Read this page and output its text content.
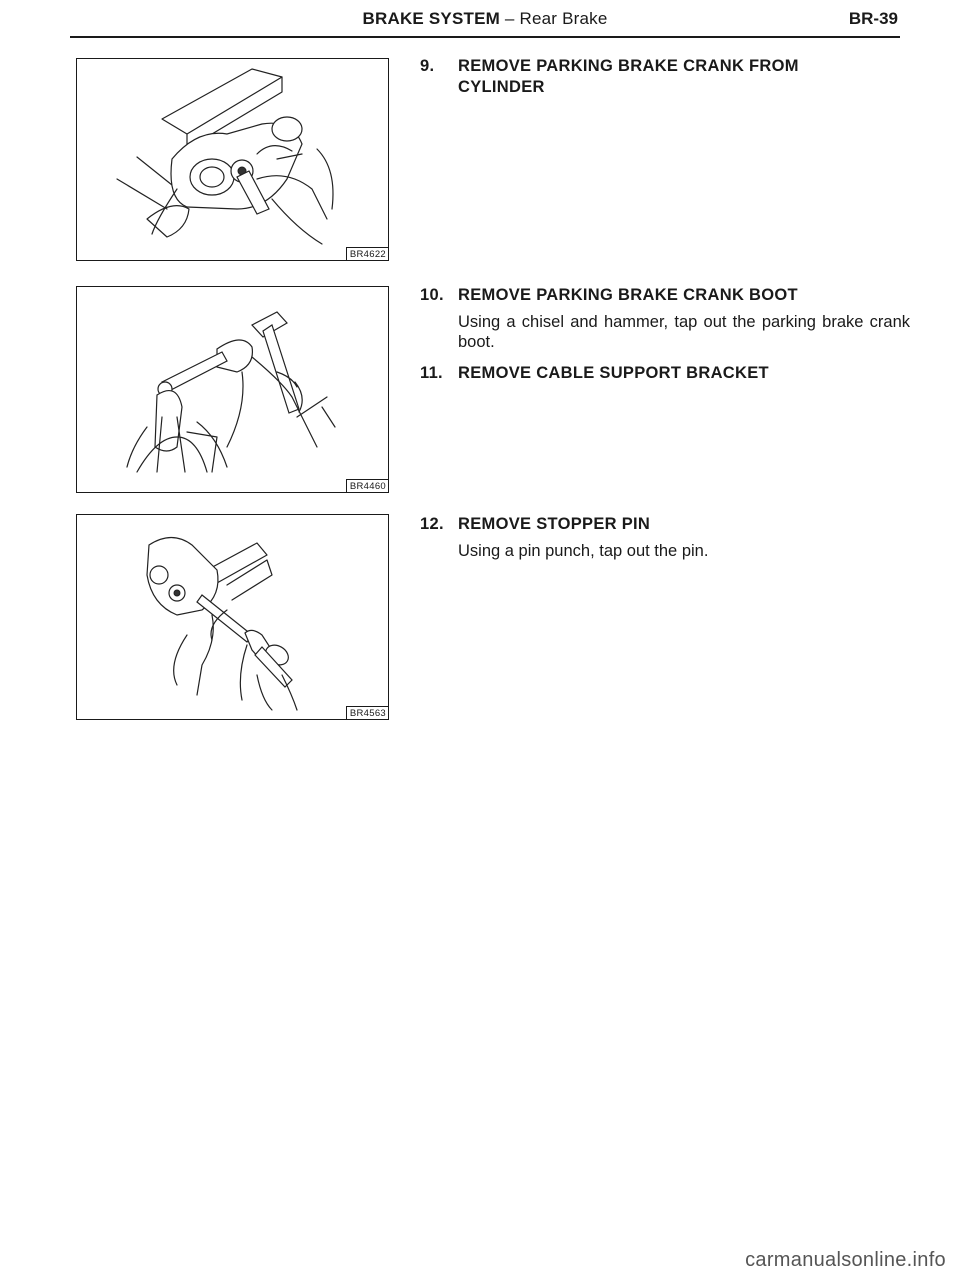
BRAKE SYSTEM – Rear Brake	BR-39
BR4622
BR4460
BR4563
9.	REMOVE PARKING BRAKE CRANK FROM CYLINDER
10. REMOVE PARKING BRAKE CRANK BOOT
Using a chisel and hammer, tap out the parking brake crank boot.
11. REMOVE CABLE SUPPORT BRACKET
12. REMOVE STOPPER PIN
Using a pin punch, tap out the pin.
carmanualsonline.info
